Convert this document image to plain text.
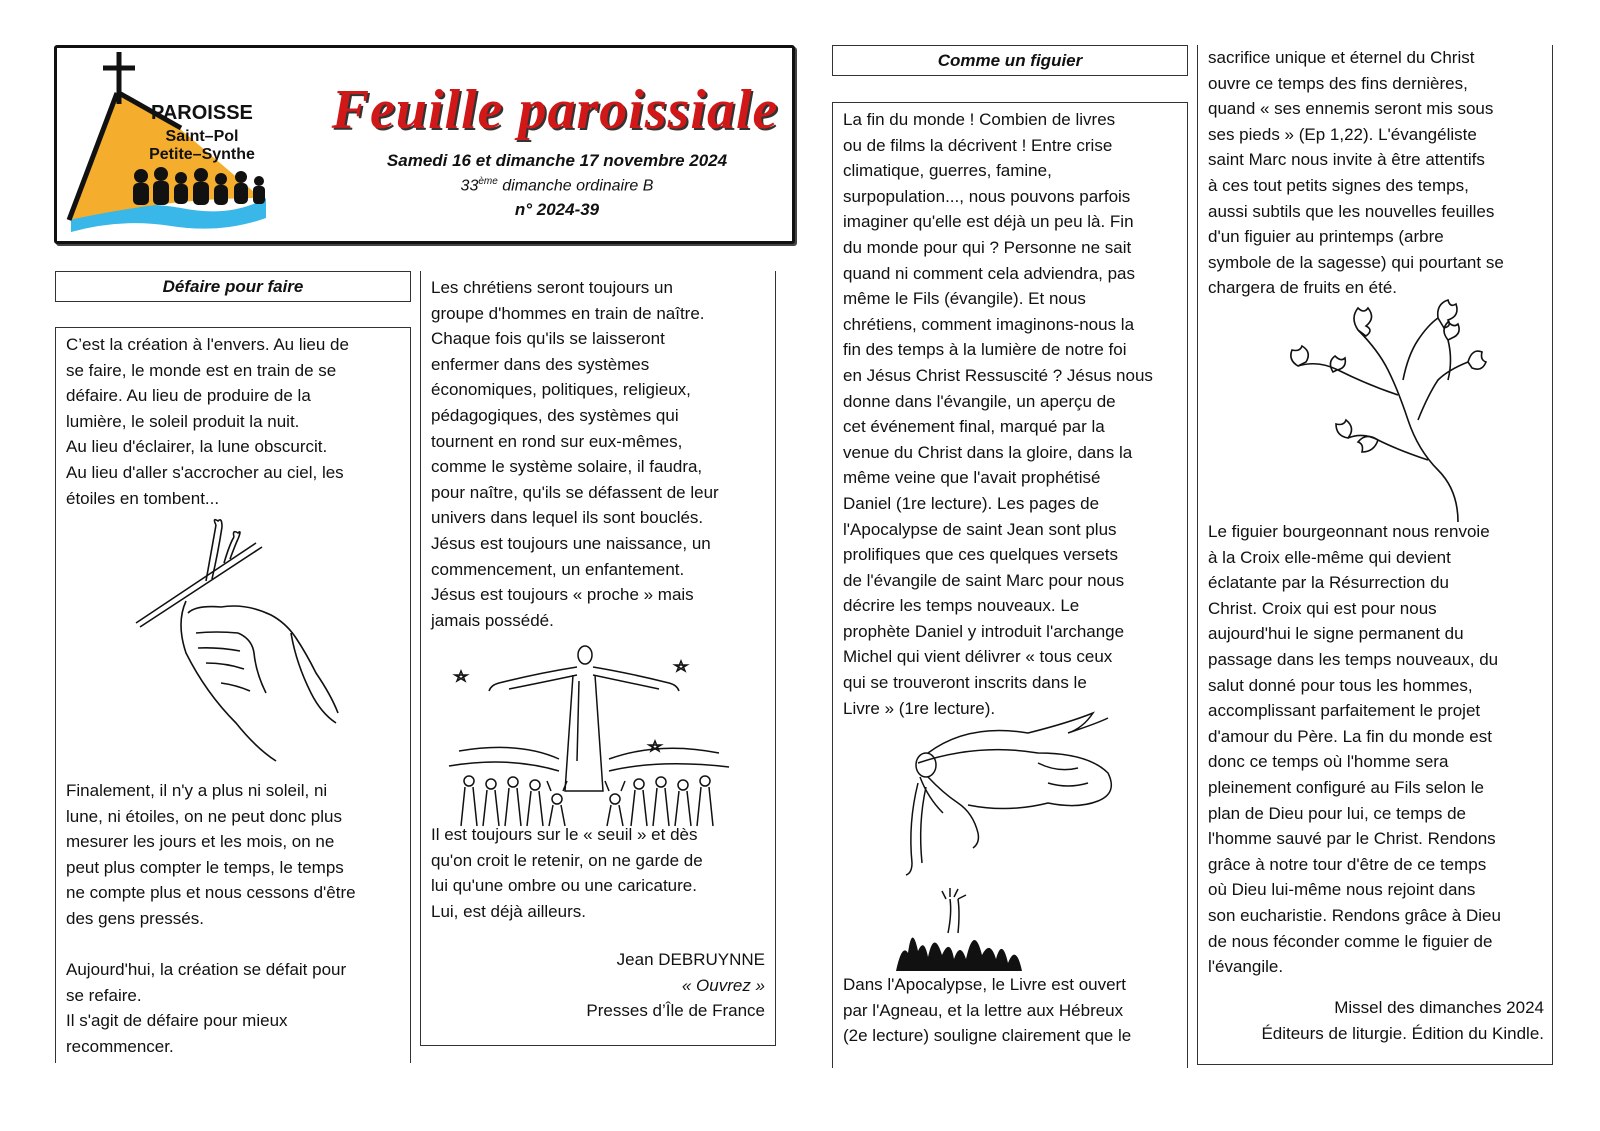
PAROISSE
Saint–Pol
Petite–Synthe
Feuille paroissiale
Samedi 16 et dimanche 17 novembre 2024
33ème dimanche ordinaire B
n° 2024-39
Défaire pour faire
C’est la création à l'envers. Au lieu de
se faire, le monde est en train de se
défaire. Au lieu de produire de la
lumière, le soleil produit la nuit.
Au lieu d'éclairer, la lune obscurcit.
Au lieu d'aller s'accrocher au ciel, les
étoiles en tombent...
Finalement, il n'y a plus ni soleil, ni
lune, ni étoiles, on ne peut donc plus
mesurer les jours et les mois, on ne
peut plus compter le temps, le temps
ne compte plus et nous cessons d'être
des gens pressés.

Aujourd'hui, la création se défait pour
se refaire.
Il s'agit de défaire pour mieux
recommencer.
Les chrétiens seront toujours un
groupe d'hommes en train de naître.
Chaque fois qu'ils se laisseront
enfermer dans des systèmes
économiques, politiques, religieux,
pédagogiques, des systèmes qui
tournent en rond sur eux-mêmes,
comme le système solaire, il faudra,
pour naître, qu'ils se défassent de leur
univers dans lequel ils sont bouclés.
Jésus est toujours une naissance, un
commencement, un enfantement.
Jésus est toujours « proche » mais
jamais possédé.
Il est toujours sur le « seuil » et dès
qu'on croit le retenir, on ne garde de
lui qu'une ombre ou une caricature.
Lui, est déjà ailleurs.
Jean DEBRUYNNE
« Ouvrez »
Presses d’Île de France
Comme un figuier
La fin du monde ! Combien de livres
ou de films la décrivent ! Entre crise
climatique, guerres, famine,
surpopulation..., nous pouvons parfois
imaginer qu'elle est déjà un peu là. Fin
du monde pour qui ? Personne ne sait
quand ni comment cela adviendra, pas
même le Fils (évangile). Et nous
chrétiens, comment imaginons-nous la
fin des temps à la lumière de notre foi
en Jésus Christ Ressuscité ? Jésus nous
donne dans l'évangile, un aperçu de
cet événement final, marqué par la
venue du Christ dans la gloire, dans la
même veine que l'avait prophétisé
Daniel (1re lecture). Les pages de
l'Apocalypse de saint Jean sont plus
prolifiques que ces quelques versets
de l'évangile de saint Marc pour nous
décrire les temps nouveaux. Le
prophète Daniel y introduit l'archange
Michel qui vient délivrer « tous ceux
qui se trouveront inscrits dans le
Livre » (1re lecture).
Dans l'Apocalypse, le Livre est ouvert
par l'Agneau, et la lettre aux Hébreux
(2e lecture) souligne clairement que le
sacrifice unique et éternel du Christ
ouvre ce temps des fins dernières,
quand « ses ennemis seront mis sous
ses pieds » (Ep 1,22). L'évangéliste
saint Marc nous invite à être attentifs
à ces tout petits signes des temps,
aussi subtils que les nouvelles feuilles
d'un figuier au printemps (arbre
symbole de la sagesse) qui pourtant se
chargera de fruits en été.
Le figuier bourgeonnant nous renvoie
à la Croix elle-même qui devient
éclatante par la Résurrection du
Christ. Croix qui est pour nous
aujourd'hui le signe permanent du
passage dans les temps nouveaux, du
salut donné pour tous les hommes,
accomplissant parfaitement le projet
d'amour du Père. La fin du monde est
donc ce temps où l'homme sera
pleinement configuré au Fils selon le
plan de Dieu pour lui, ce temps de
l'homme sauvé par le Christ. Rendons
grâce à notre tour d'être de ce temps
où Dieu lui-même nous rejoint dans
son eucharistie. Rendons grâce à Dieu
de nous féconder comme le figuier de
l'évangile.
Missel des dimanches 2024
Éditeurs de liturgie. Édition du Kindle.
